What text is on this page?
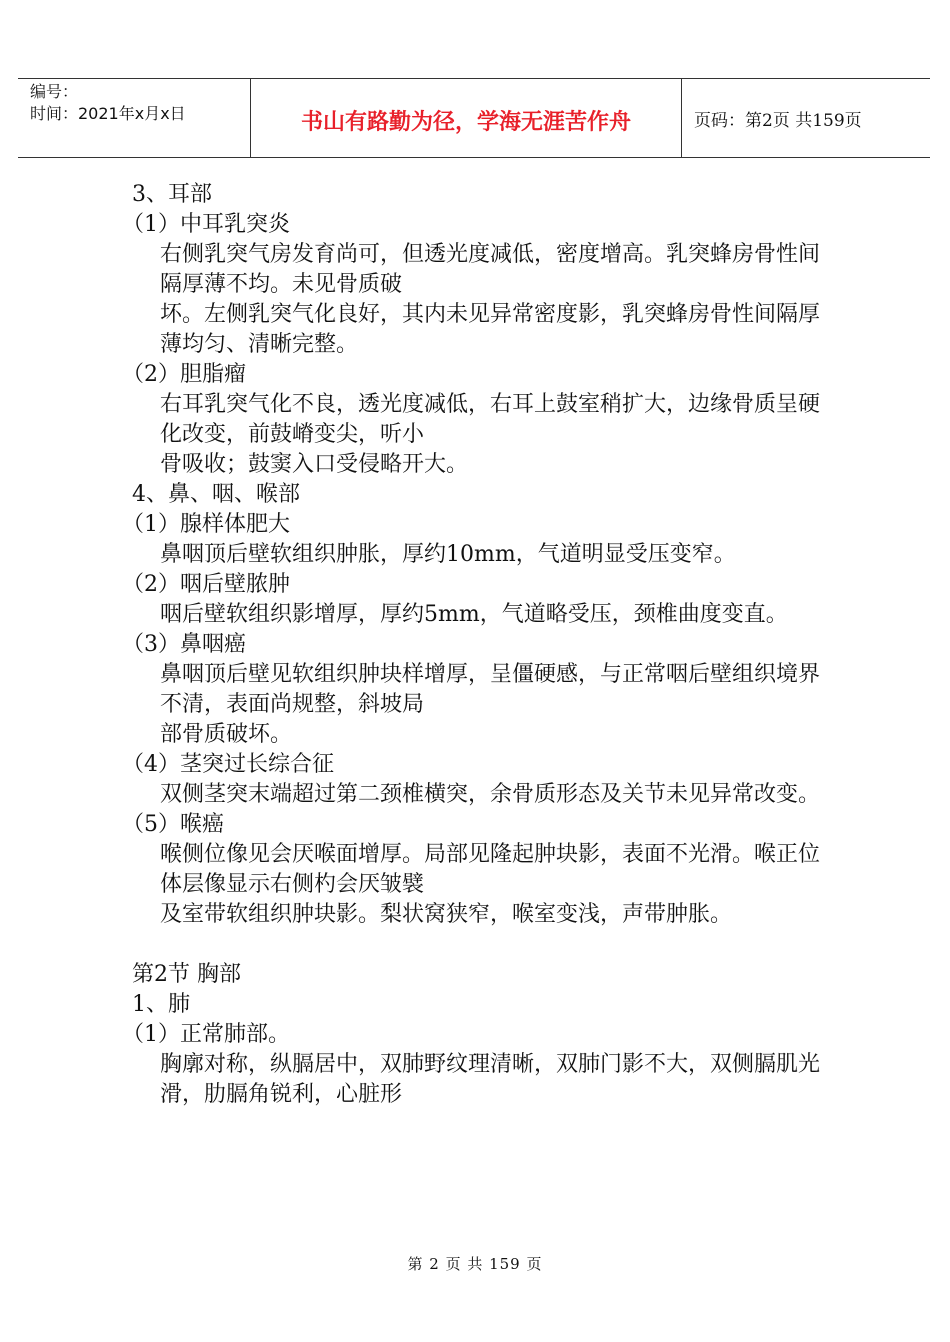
编号：
时间：2021年x月x日	书山有路勤为径，学海无涯苦作舟	页码：第2页 共159页

3、耳部

（1）中耳乳突炎

右侧乳突气房发育尚可，但透光度减低，密度增高。乳突蜂房骨性间隔厚薄不均。未见骨质破

坏。左侧乳突气化良好，其内未见异常密度影，乳突蜂房骨性间隔厚薄均匀、清晰完整。

（2）胆脂瘤

右耳乳突气化不良，透光度减低，右耳上鼓室稍扩大，边缘骨质呈硬化改变，前鼓嵴变尖，听小

骨吸收；鼓窦入口受侵略开大。

4、鼻、咽、喉部

（1）腺样体肥大

鼻咽顶后壁软组织肿胀，厚约10mm，气道明显受压变窄。

（2）咽后壁脓肿

咽后壁软组织影增厚，厚约5mm，气道略受压，颈椎曲度变直。

（3）鼻咽癌

鼻咽顶后壁见软组织肿块样增厚，呈僵硬感，与正常咽后壁组织境界不清，表面尚规整，斜坡局

部骨质破坏。

（4）茎突过长综合征

双侧茎突末端超过第二颈椎横突，余骨质形态及关节未见异常改变。

（5）喉癌

喉侧位像见会厌喉面增厚。局部见隆起肿块影，表面不光滑。喉正位体层像显示右侧杓会厌皱襞

及室带软组织肿块影。梨状窝狭窄，喉室变浅，声带肿胀。

第2节 胸部

1、肺

（1）正常肺部。

胸廓对称，纵膈居中，双肺野纹理清晰，双肺门影不大，双侧膈肌光滑，肋膈角锐利，心脏形

第 2 页 共 159 页
